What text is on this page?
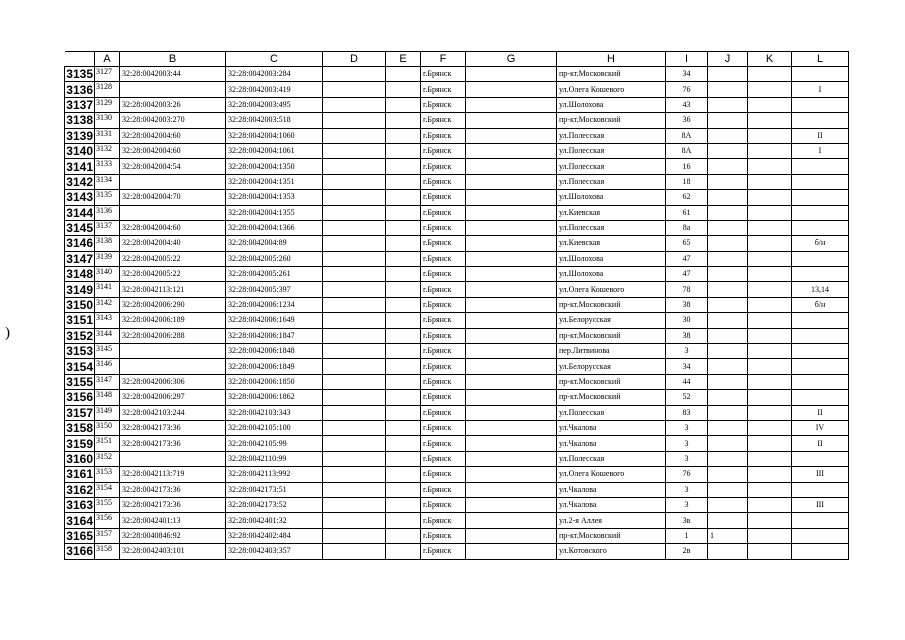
)
	A	B	C	D	E	F	G	H	I	J	K	L
3135	3127	32:28:0042003:44	32:28:0042003:284			г.Брянск		пр-кт.Московский	34			
3136	3128		32:28:0042003:419			г.Брянск		ул.Олега Кошевого	76			I
3137	3129	32:28:0042003:26	32:28:0042003:495			г.Брянск		ул.Шолохова	43			
3138	3130	32:28:0042003:270	32:28:0042003:518			г.Брянск		пр-кт.Московский	36			
3139	3131	32:28:0042004:60	32:28:0042004:1060			г.Брянск		ул.Полесская	8А			II
3140	3132	32:28:0042004:60	32:28:0042004:1061			г.Брянск		ул.Полесская	8А			I
3141	3133	32:28:0042004:54	32:28:0042004:1350			г.Брянск		ул.Полесская	16			
3142	3134		32:28:0042004:1351			г.Брянск		ул.Полесская	18			
3143	3135	32:28:0042004:70	32:28:0042004:1353			г.Брянск		ул.Шолохова	62			
3144	3136		32:28:0042004:1355			г.Брянск		ул.Киевская	61			
3145	3137	32:28:0042004:60	32:28:0042004:1366			г.Брянск		ул.Полесская	8а			
3146	3138	32:28:0042004:40	32:28:0042004:89			г.Брянск		ул.Киевская	65			б/н
3147	3139	32:28:0042005:22	32:28:0042005:260			г.Брянск		ул.Шолохова	47			
3148	3140	32:28:0042005:22	32:28:0042005:261			г.Брянск		ул.Шолохова	47			
3149	3141	32:28:0042113:121	32:28:0042005:397			г.Брянск		ул.Олега Кошевого	78			13,14
3150	3142	32:28:0042006:290	32:28:0042006:1234			г.Брянск		пр-кт.Московский	38			б/н
3151	3143	32:28:0042006:189	32:28:0042006:1649			г.Брянск		ул.Белорусская	30			
3152	3144	32:28:0042006:288	32:28:0042006:1847			г.Брянск		пр-кт.Московский	38			
3153	3145		32:28:0042006:1848			г.Брянск		пер.Литвинова	3			
3154	3146		32:28:0042006:1849			г.Брянск		ул.Белорусская	34			
3155	3147	32:28:0042006:306	32:28:0042006:1850			г.Брянск		пр-кт.Московский	44			
3156	3148	32:28:0042006:297	32:28:0042006:1862			г.Брянск		пр-кт.Московский	52			
3157	3149	32:28:0042103:244	32:28:0042103:343			г.Брянск		ул.Полесская	83			II
3158	3150	32:28:0042173:36	32:28:0042105:100			г.Брянск		ул.Чкалова	3			IV
3159	3151	32:28:0042173:36	32:28:0042105:99			г.Брянск		ул.Чкалова	3			II
3160	3152		32:28:0042110:99			г.Брянск		ул.Полесская	3			
3161	3153	32:28:0042113:719	32:28:0042113:992			г.Брянск		ул.Олега Кошевого	76			III
3162	3154	32:28:0042173:36	32:28:0042173:51			г.Брянск		ул.Чкалова	3			
3163	3155	32:28:0042173:36	32:28:0042173:52			г.Брянск		ул.Чкалова	3			III
3164	3156	32:28:0042401:13	32:28:0042401:32			г.Брянск		ул.2-я Аллея	3в			
3165	3157	32:28:0040846:92	32:28:0042402:484			г.Брянск		пр-кт.Московский	1	1		
3166	3158	32:28:0042403:101	32:28:0042403:357			г.Брянск		ул.Котовского	2в			
